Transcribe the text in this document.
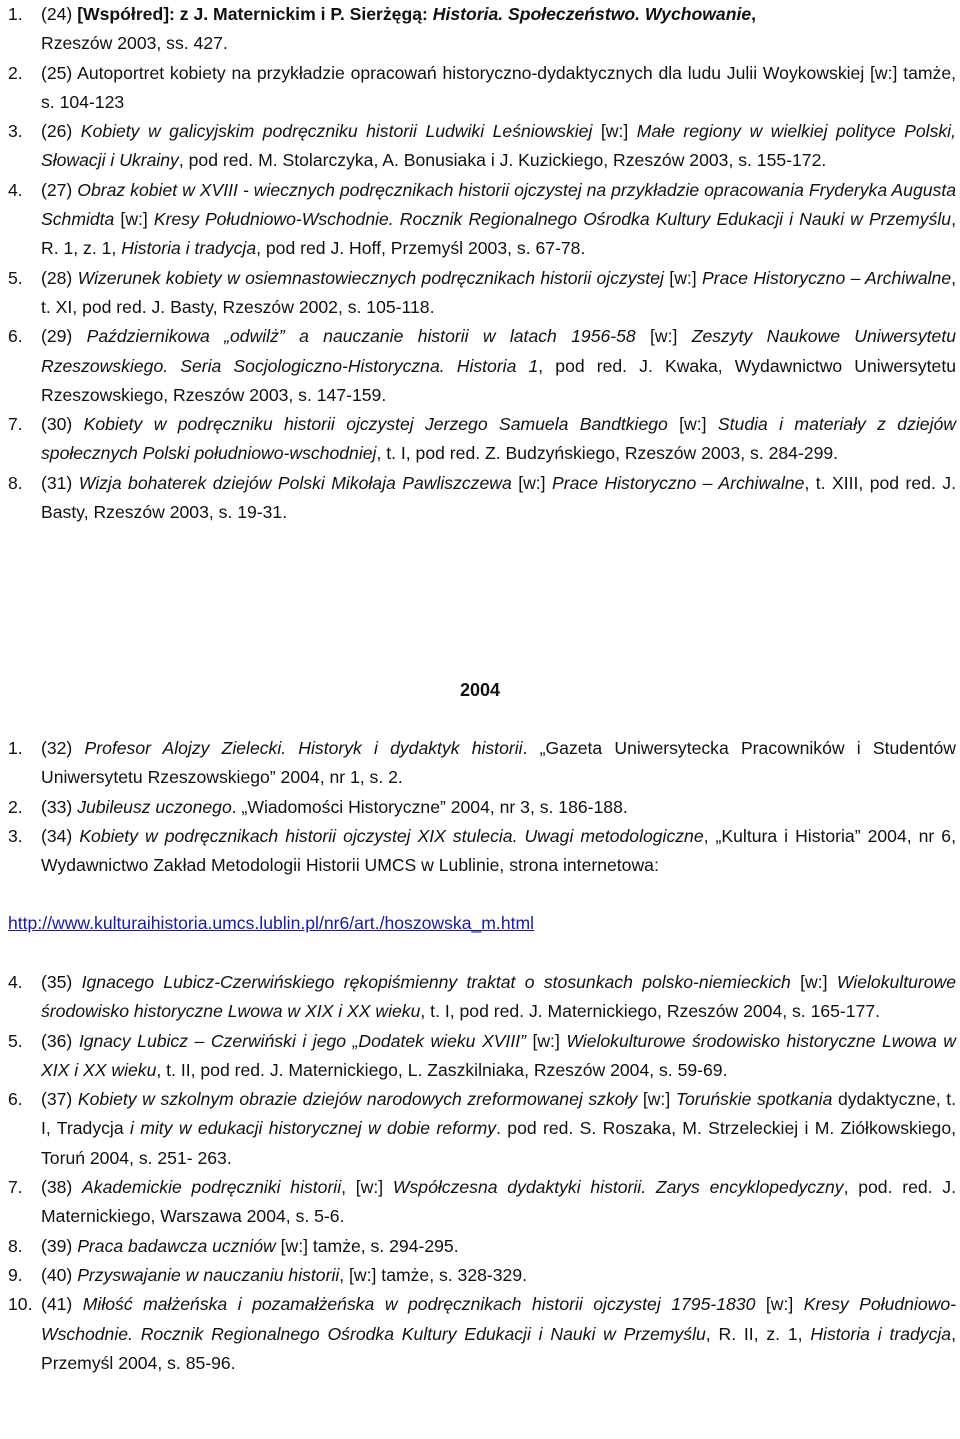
1. (24) [Współred]: z J. Maternickim i P. Sierżęgą: Historia. Społeczeństwo. Wychowanie,
Rzeszów 2003, ss. 427.
2. (25) Autoportret kobiety na przykładzie opracowań historyczno-dydaktycznych dla ludu Julii Woykowskiej [w:] tamże, s. 104-123
3. (26) Kobiety w galicyjskim podręczniku historii Ludwiki Leśniowskiej [w:] Małe regiony w wielkiej polityce Polski, Słowacji i Ukrainy, pod red. M. Stolarczyka, A. Bonusiaka i J. Kuzickiego, Rzeszów 2003, s. 155-172.
4. (27) Obraz kobiet w XVIII - wiecznych podręcznikach historii ojczystej na przykładzie opracowania Fryderyka Augusta Schmidta [w:] Kresy Południowo-Wschodnie. Rocznik Regionalnego Ośrodka Kultury Edukacji i Nauki w Przemyślu, R. 1, z. 1, Historia i tradycja, pod red J. Hoff, Przemyśl 2003, s. 67-78.
5. (28) Wizerunek kobiety w osiemnastowiecznych podręcznikach historii ojczystej [w:] Prace Historyczno – Archiwalne, t. XI, pod red. J. Basty, Rzeszów 2002, s. 105-118.
6. (29) Październikowa „odwilż” a nauczanie historii w latach 1956-58 [w:] Zeszyty Naukowe Uniwersytetu Rzeszowskiego. Seria Socjologiczno-Historyczna. Historia 1, pod red. J. Kwaka, Wydawnictwo Uniwersytetu Rzeszowskiego, Rzeszów 2003, s. 147-159.
7. (30) Kobiety w podręczniku historii ojczystej Jerzego Samuela Bandtkiego [w:] Studia i materiały z dziejów społecznych Polski południowo-wschodniej, t. I, pod red. Z. Budzyńskiego, Rzeszów 2003, s. 284-299.
8. (31) Wizja bohaterek dziejów Polski Mikołaja Pawliszczewa [w:] Prace Historyczno – Archiwalne, t. XIII, pod red. J. Basty, Rzeszów 2003, s. 19-31.
2004
1. (32) Profesor Alojzy Zielecki. Historyk i dydaktyk historii. „Gazeta Uniwersytecka Pracowników i Studentów Uniwersytetu Rzeszowskiego” 2004, nr 1, s. 2.
2. (33) Jubileusz uczonego. „Wiadomości Historyczne” 2004, nr 3, s. 186-188.
3. (34) Kobiety w podręcznikach historii ojczystej XIX stulecia. Uwagi metodologiczne, „Kultura i Historia” 2004, nr 6, Wydawnictwo Zakład Metodologii Historii UMCS w Lublinie, strona internetowa:
http://www.kulturaihistoria.umcs.lublin.pl/nr6/art./hoszowska_m.html
4. (35) Ignacego Lubicz-Czerwińskiego rękopiśmienny traktat o stosunkach polsko-niemieckich [w:] Wielokulturowe środowisko historyczne Lwowa w XIX i XX wieku, t. I, pod red. J. Maternickiego, Rzeszów 2004, s. 165-177.
5. (36) Ignacy Lubicz – Czerwiński i jego „Dodatek wieku XVIII” [w:] Wielokulturowe środowisko historyczne Lwowa w XIX i XX wieku, t. II, pod red. J. Maternickiego, L. Zaszkilniaka, Rzeszów 2004, s. 59-69.
6. (37) Kobiety w szkolnym obrazie dziejów narodowych zreformowanej szkoły [w:] Toruńskie spotkania dydaktyczne, t. I, Tradycja i mity w edukacji historycznej w dobie reformy. pod red. S. Roszaka, M. Strzeleckiej i M. Ziółkowskiego, Toruń 2004, s. 251- 263.
7. (38) Akademickie podręczniki historii, [w:] Współczesna dydaktyki historii. Zarys encyklopedyczny, pod. red. J. Maternickiego, Warszawa 2004, s. 5-6.
8. (39) Praca badawcza uczniów [w:] tamże, s. 294-295.
9. (40) Przyswajanie w nauczaniu historii, [w:] tamże, s. 328-329.
10. (41) Miłość małżeńska i pozamałżeńska w podręcznikach historii ojczystej 1795-1830 [w:] Kresy Południowo-Wschodnie. Rocznik Regionalnego Ośrodka Kultury Edukacji i Nauki w Przemyślu, R. II, z. 1, Historia i tradycja, Przemyśl 2004, s. 85-96.
